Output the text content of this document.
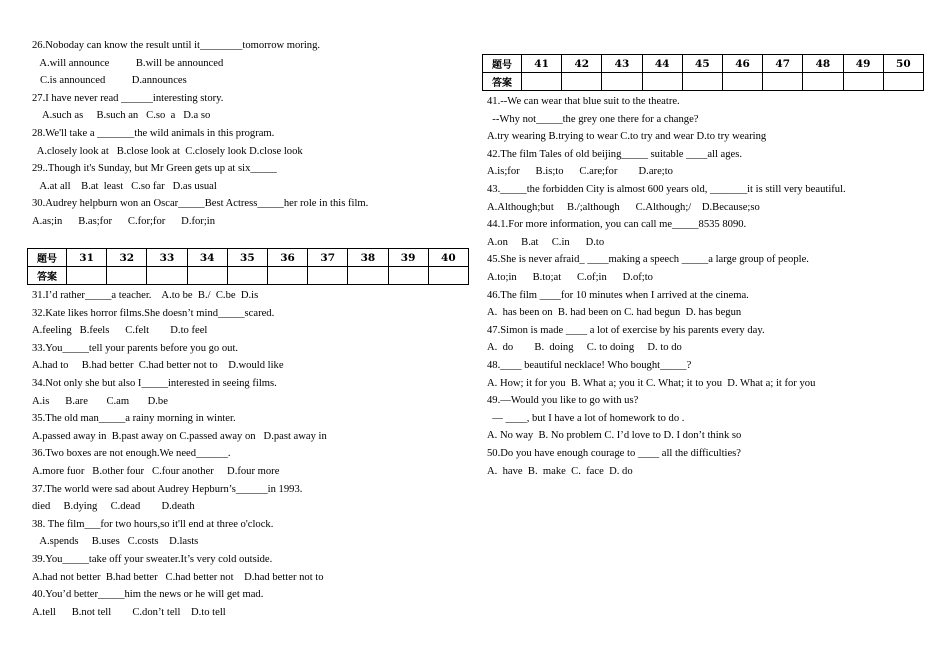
26.Noboday can know the result until it________tomorrow moring.
A.will announce          B.will be announced
C.is announced          D.announces
27.I have never read ______interesting story.
A.such as     B.such an   C.so  a   D.a so
28.We'll take a _______the wild animals in this program.
A.closely look at   B.close look at  C.closely look D.close look
29..Though it's Sunday, but Mr Green gets up at six_____
A.at all    B.at  least   C.so far   D.as usual
30.Audrey helpburn won an Oscar_____Best Actress_____her role in this film.
A.as;in      B.as;for      C.for;for      D.for;in
题号	31	32	33	34	35	36	37	38	39	40
答案										
31.I’d rather_____a teacher.    A.to be  B./  C.be  D.is
32.Kate likes horror films.She doesn’t mind_____scared.
A.feeling   B.feels      C.felt        D.to feel
33.You_____tell your parents before you go out.
A.had to     B.had better  C.had better not to    D.would like
34.Not only she but also I_____interested in seeing films.
A.is      B.are       C.am       D.be
35.The old man_____a rainy morning in winter.
A.passed away in  B.past away on C.passed away on   D.past away in
36.Two boxes are not enough.We need______.
A.more fuor   B.other four   C.four another     D.four more
37.The world were sad about Audrey Hepburn’s______in 1993.
died     B.dying     C.dead        D.death
38. The film___for two hours,so it'll end at three o'clock.
A.spends     B.uses   C.costs    D.lasts
39.You_____take off your sweater.It’s very cold outside.
A.had not better  B.had better   C.had better not    D.had better not to
40.You’d better_____him the news or he will get mad.
A.tell      B.not tell        C.don’t tell    D.to tell
题号	41	42	43	44	45	46	47	48	49	50
答案										
41.--We can wear that blue suit to the theatre.
--Why not_____the grey one there for a change?
A.try wearing B.trying to wear C.to try and wear D.to try wearing
42.The film Tales of old beijing_____ suitable ____all ages.
A.is;for      B.is;to      C.are;for        D.are;to
43._____the forbidden City is almost 600 years old, _______it is still very beautiful.
A.Although;but     B./;although      C.Although;/    D.Because;so
44.1.For more information, you can call me_____8535 8090.
A.on     B.at     C.in      D.to
45.She is never afraid_ ____making a speech _____a large group of people.
A.to;in      B.to;at      C.of;in      D.of;to
46.The film ____for 10 minutes when I arrived at the cinema.
A.  has been on  B. had been on C. had begun  D. has begun
47.Simon is made ____ a lot of exercise by his parents every day.
A.  do        B.  doing     C. to doing     D. to do
48.____ beautiful necklace! Who bought_____?
A. How; it for you  B. What a; you it C. What; it to you  D. What a; it for you
49.—Would you like to go with us?
— ____, but I have a lot of homework to do .
A. No way  B. No problem C. I’d love to D. I don’t think so
50.Do you have enough courage to ____ all the difficulties?
A.  have  B.  make  C.  face  D. do
